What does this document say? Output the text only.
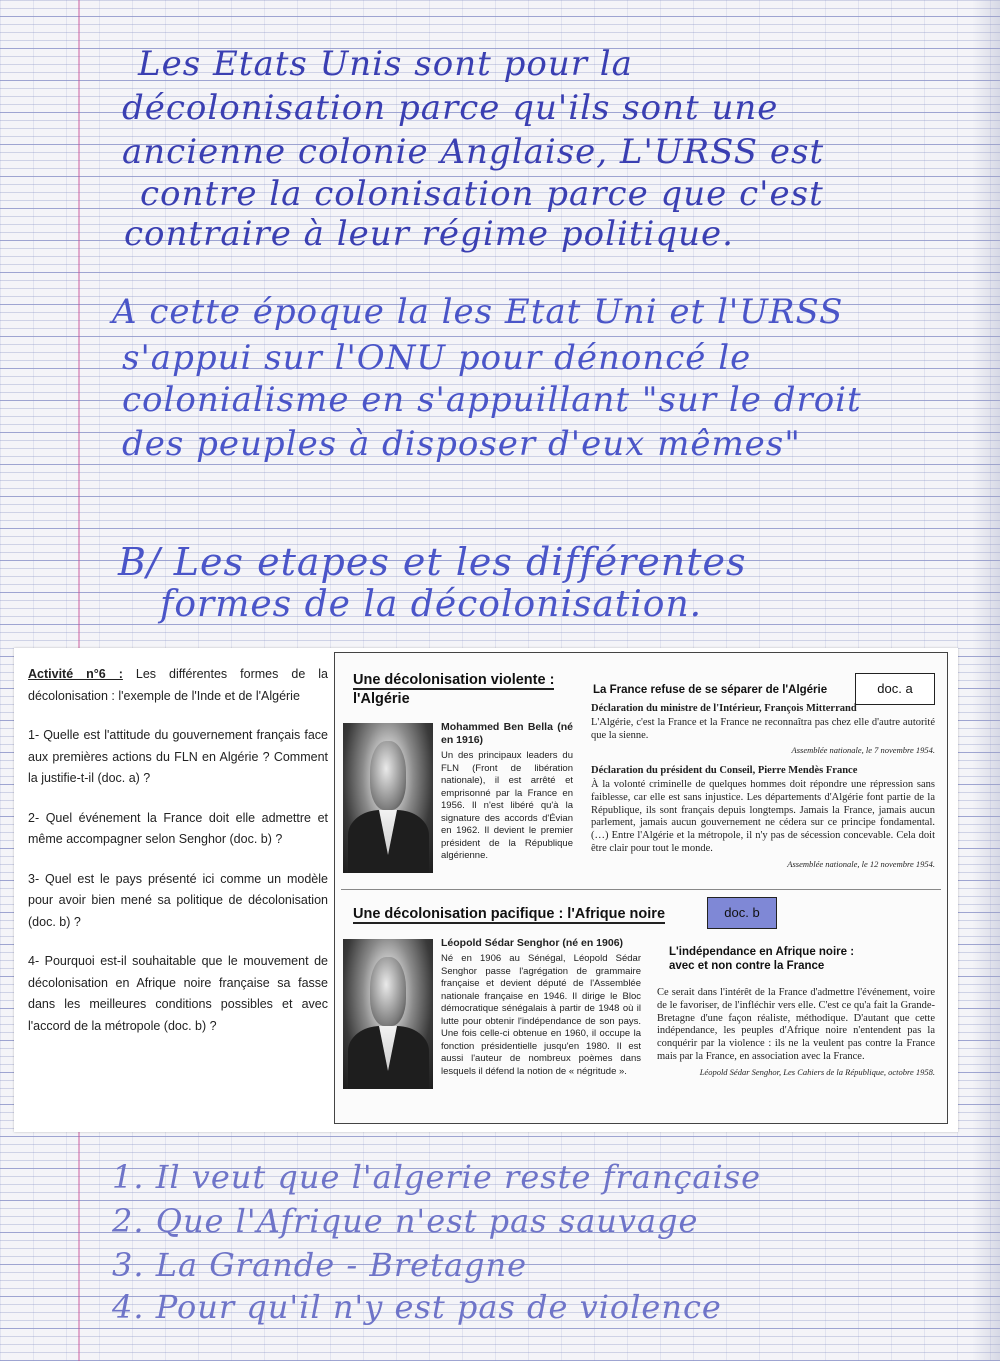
Les Etats Unis sont pour la

décolonisation parce qu'ils sont une

ancienne colonie Anglaise, L'URSS est

contre la colonisation parce que c'est

contraire à leur régime politique.

A cette époque la les Etat Uni et l'URSS

s'appui sur l'ONU pour dénoncé le

colonialisme en s'appuillant "sur le droit

des peuples à disposer d'eux mêmes"

B/ Les etapes et les différentes

formes de la décolonisation.

Activité n°6 : Les différentes formes de la décolonisation : l'exemple de l'Inde et de l'Algérie

1- Quelle est l'attitude du gouvernement français face aux premières actions du FLN en Algérie ? Comment la justifie-t-il (doc. a) ?

2- Quel événement la France doit elle admettre et même accompagner selon Senghor (doc. b) ?

3- Quel est le pays présenté ici comme un modèle pour avoir bien mené sa politique de décolonisation (doc. b) ?

4- Pourquoi est-il souhaitable que le mouvement de décolonisation en Afrique noire française sa fasse dans les meilleures conditions possibles et avec l'accord de la métropole (doc. b) ?

Une décolonisation violente :
l'Algérie
Mohammed Ben Bella (né en 1916)
Un des principaux leaders du FLN (Front de libération nationale), il est arrêté et emprisonné par la France en 1956. Il n'est libéré qu'à la signature des accords d'Évian en 1962. Il devient le premier président de la République algérienne.
doc. a
La France refuse de se séparer de l'Algérie
Déclaration du ministre de l'Intérieur, François Mitterrand
L'Algérie, c'est la France et la France ne reconnaîtra pas chez elle d'autre autorité que la sienne.
Assemblée nationale, le 7 novembre 1954.
Déclaration du président du Conseil, Pierre Mendès France
À la volonté criminelle de quelques hommes doit répondre une répression sans faiblesse, car elle est sans injustice. Les départements d'Algérie font partie de la République, ils sont français depuis longtemps. Jamais la France, jamais aucun parlement, jamais aucun gouvernement ne cédera sur ce principe fondamental. (…) Entre l'Algérie et la métropole, il n'y pas de sécession concevable. Cela doit être clair pour tout le monde.
Assemblée nationale, le 12 novembre 1954.
Une décolonisation pacifique : l'Afrique noire	doc. b
Léopold Sédar Senghor (né en 1906)
Né en 1906 au Sénégal, Léopold Sédar Senghor passe l'agrégation de grammaire française et devient député de l'Assemblée nationale française en 1946. Il dirige le Bloc démocratique sénégalais à partir de 1948 où il lutte pour obtenir l'indépendance de son pays. Une fois celle-ci obtenue en 1960, il occupe la fonction présidentielle jusqu'en 1980. Il est aussi l'auteur de nombreux poèmes dans lesquels il défend la notion de « négritude ».
L'indépendance en Afrique noire :
avec et non contre la France
Ce serait dans l'intérêt de la France d'admettre l'événement, voire de le favoriser, de l'infléchir vers elle. C'est ce qu'a fait la Grande-Bretagne d'une façon réaliste, méthodique. D'autant que cette indépendance, les peuples d'Afrique noire n'entendent pas la conquérir par la violence : ils ne la veulent pas contre la France mais par la France, en association avec la France.
Léopold Sédar Senghor, Les Cahiers de la République, octobre 1958.

1. Il veut que l'algerie reste française

2. Que l'Afrique n'est pas sauvage

3. La Grande - Bretagne

4. Pour qu'il n'y est pas de violence
